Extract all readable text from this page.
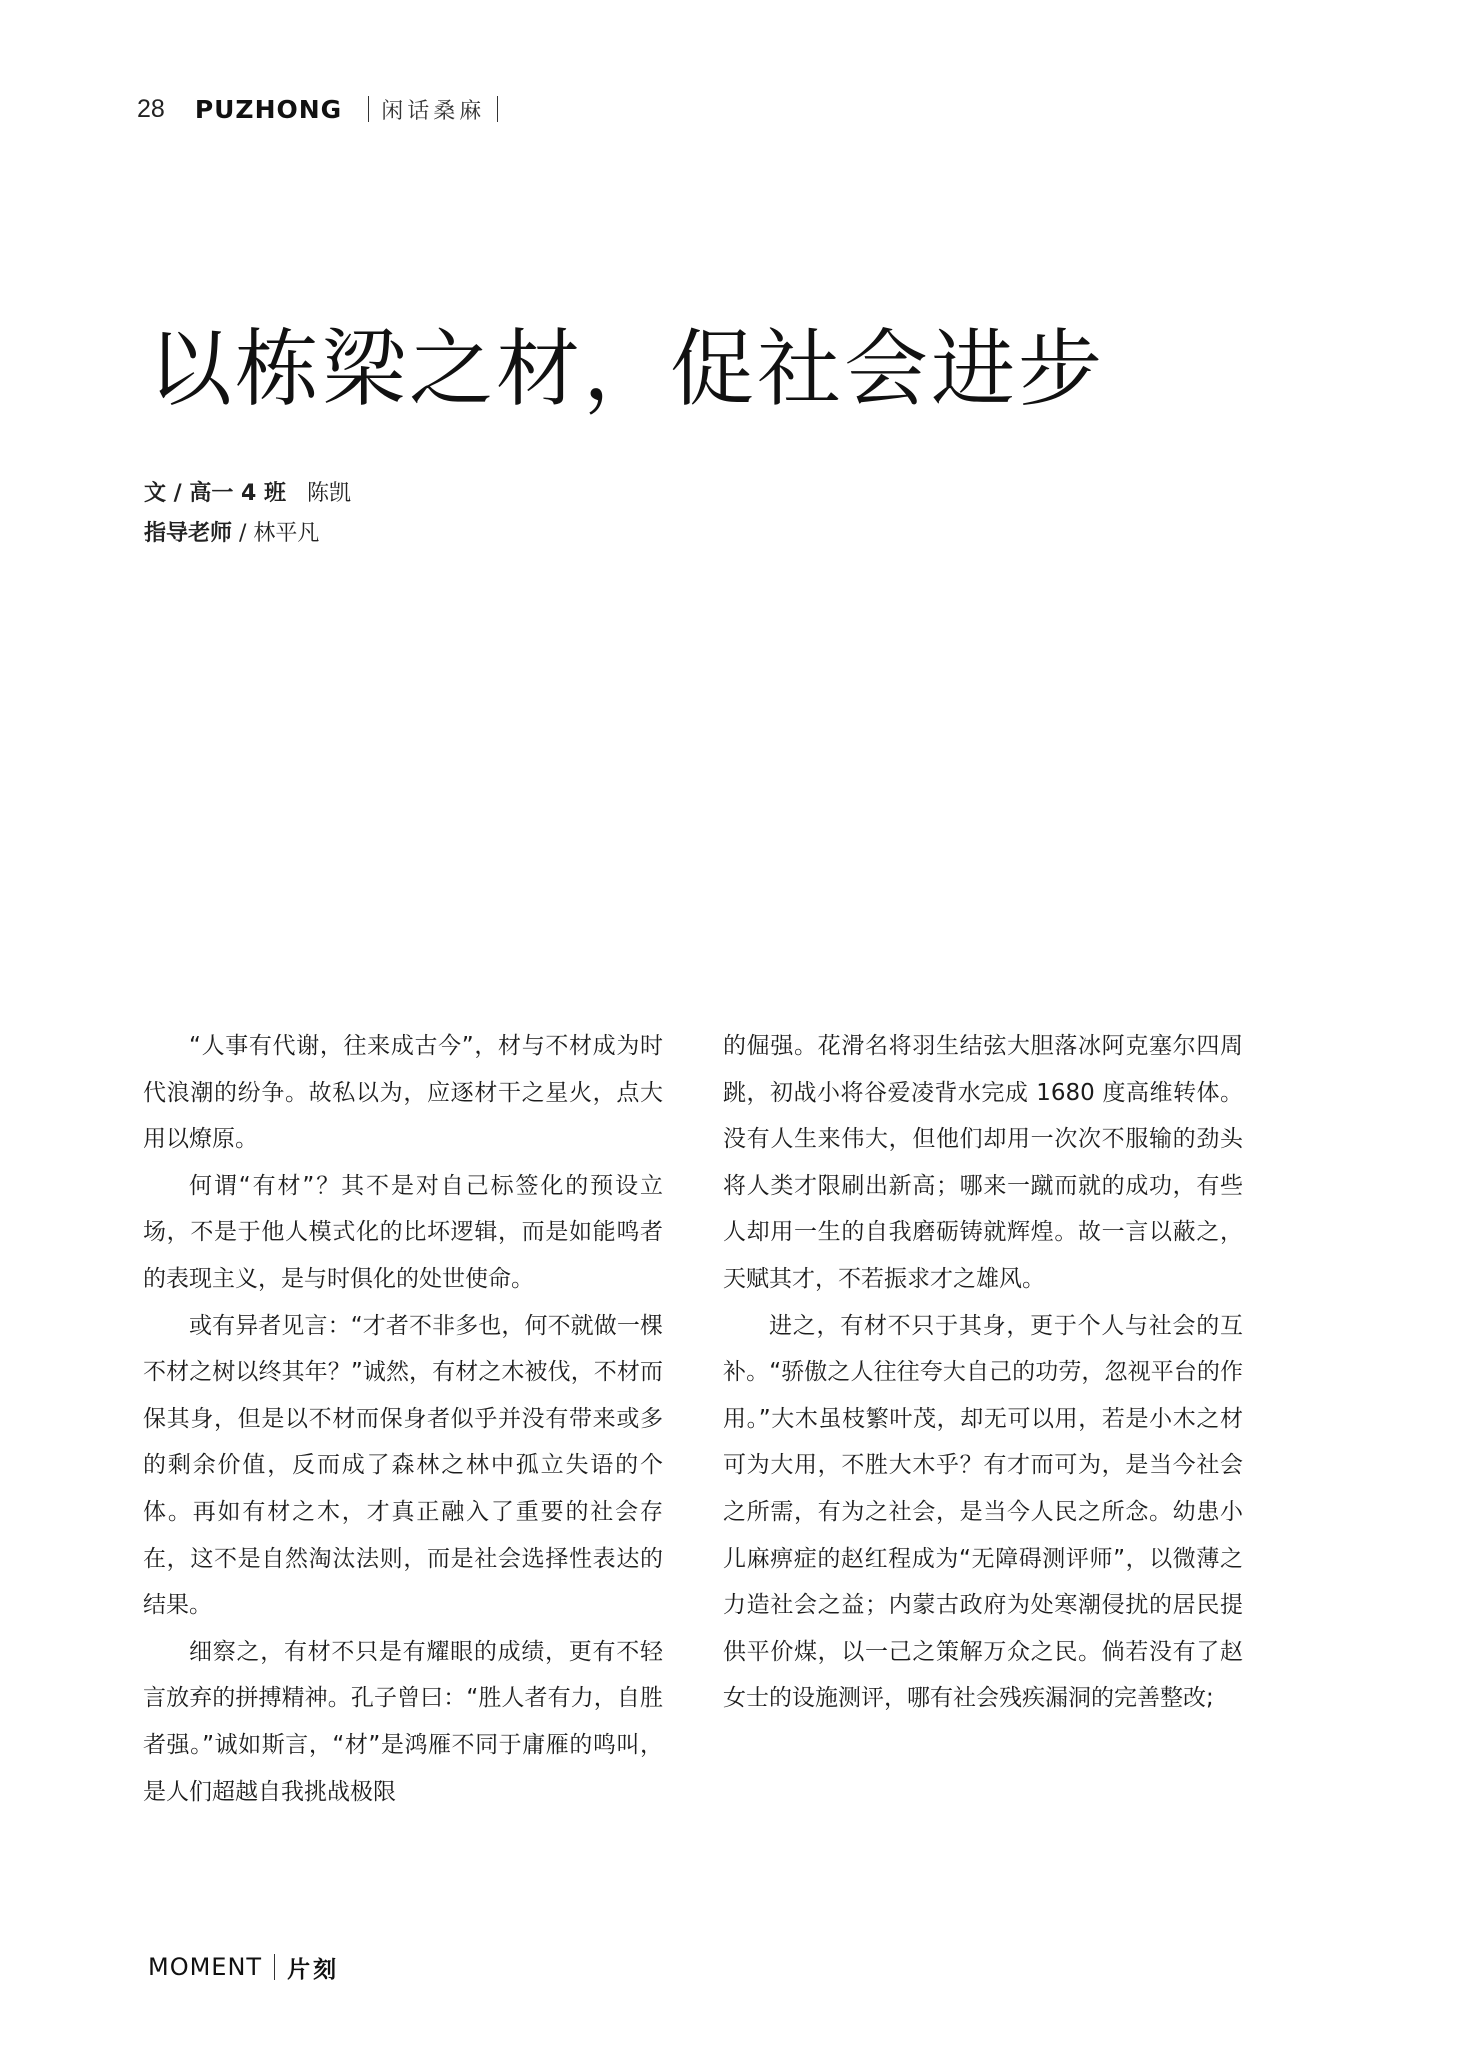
28 PUZHONG 闲话桑麻
以栋梁之材，促社会进步
文 / 高一 4 班 陈凯
指导老师 / 林平凡

“人事有代谢，往来成古今”，材与不材成为时代浪潮的纷争。故私以为，应逐材干之星火，点大用以燎原。

何谓“有材”？其不是对自己标签化的预设立场，不是于他人模式化的比坏逻辑，而是如能鸣者的表现主义，是与时俱化的处世使命。

或有异者见言：“才者不非多也，何不就做一棵不材之树以终其年？”诚然，有材之木被伐，不材而保其身，但是以不材而保身者似乎并没有带来或多的剩余价值，反而成了森林之林中孤立失语的个体。再如有材之木，才真正融入了重要的社会存在，这不是自然淘汰法则，而是社会选择性表达的结果。

细察之，有材不只是有耀眼的成绩，更有不轻言放弃的拼搏精神。孔子曾曰：“胜人者有力，自胜者强。”诚如斯言，“材”是鸿雁不同于庸雁的鸣叫，是人们超越自我挑战极限

的倔强。花滑名将羽生结弦大胆落冰阿克塞尔四周跳，初战小将谷爱凌背水完成 1680 度高维转体。没有人生来伟大，但他们却用一次次不服输的劲头将人类才限刷出新高；哪来一蹴而就的成功，有些人却用一生的自我磨砺铸就辉煌。故一言以蔽之，天赋其才，不若振求才之雄风。

进之，有材不只于其身，更于个人与社会的互补。“骄傲之人往往夸大自己的功劳，忽视平台的作用。”大木虽枝繁叶茂，却无可以用，若是小木之材可为大用，不胜大木乎？有才而可为，是当今社会之所需，有为之社会，是当今人民之所念。幼患小儿麻痹症的赵红程成为“无障碍测评师”，以微薄之力造社会之益；内蒙古政府为处寒潮侵扰的居民提供平价煤，以一己之策解万众之民。倘若没有了赵女士的设施测评，哪有社会残疾漏洞的完善整改;

MOMENT 片刻
